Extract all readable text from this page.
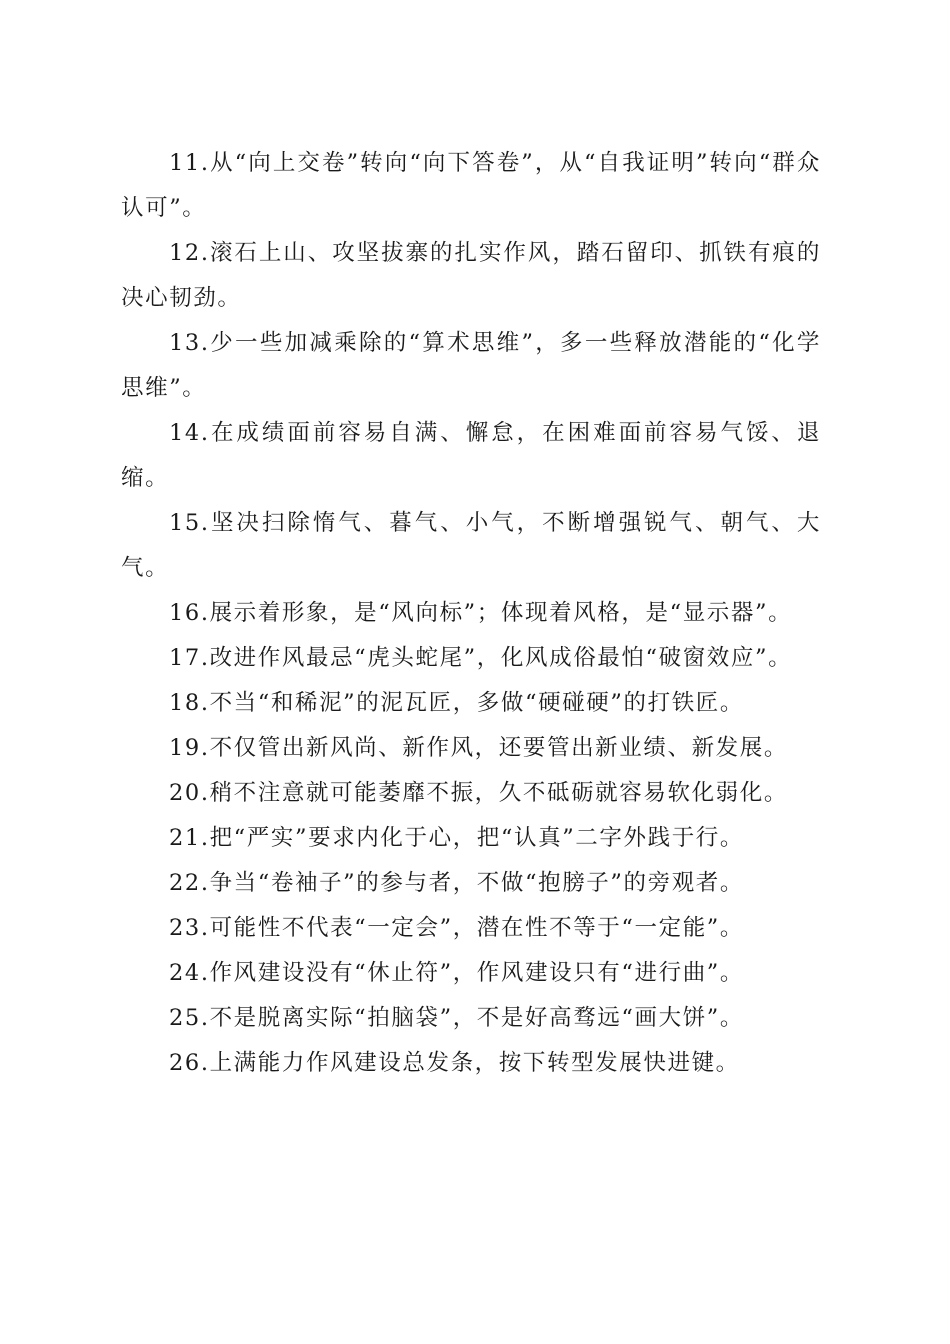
11.从“向上交卷”转向“向下答卷”，从“自我证明”转向“群众认可”。

12.滚石上山、攻坚拔寨的扎实作风，踏石留印、抓铁有痕的决心韧劲。

13.少一些加减乘除的“算术思维”，多一些释放潜能的“化学思维”。

14.在成绩面前容易自满、懈怠，在困难面前容易气馁、退缩。

15.坚决扫除惰气、暮气、小气，不断增强锐气、朝气、大气。

16.展示着形象，是“风向标”；体现着风格，是“显示器”。

17.改进作风最忌“虎头蛇尾”，化风成俗最怕“破窗效应”。

18.不当“和稀泥”的泥瓦匠，多做“硬碰硬”的打铁匠。

19.不仅管出新风尚、新作风，还要管出新业绩、新发展。

20.稍不注意就可能萎靡不振，久不砥砺就容易软化弱化。

21.把“严实”要求内化于心，把“认真”二字外践于行。

22.争当“卷袖子”的参与者，不做“抱膀子”的旁观者。

23.可能性不代表“一定会”，潜在性不等于“一定能”。

24.作风建设没有“休止符”，作风建设只有“进行曲”。

25.不是脱离实际“拍脑袋”，不是好高骛远“画大饼”。

26.上满能力作风建设总发条，按下转型发展快进键。
